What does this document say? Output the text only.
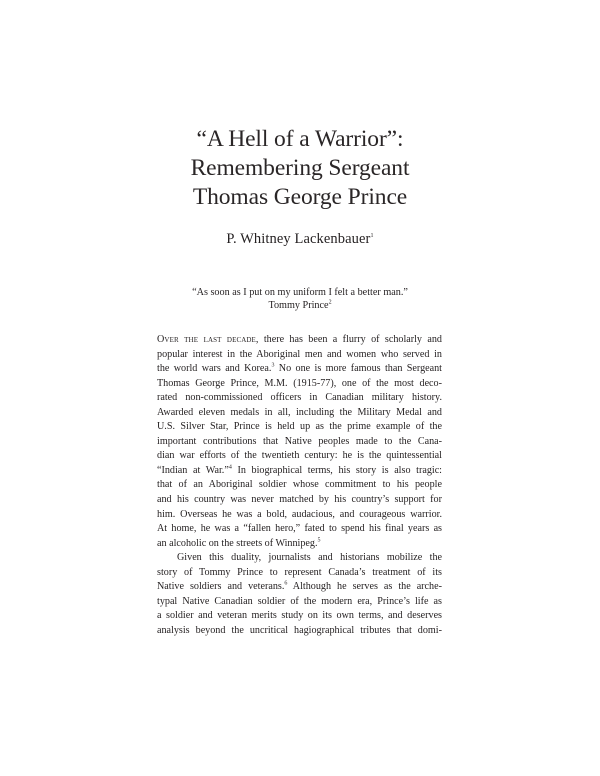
“A Hell of a Warrior”:
Remembering Sergeant
Thomas George Prince
P. Whitney Lackenbauer$^1$
“As soon as I put on my uniform I felt a better man.”
Tommy Prince$^2$
Over the last decade, there has been a flurry of scholarly and
popular interest in the Aboriginal men and women who served in
the world wars and Korea.$^3$ No one is more famous than Sergeant
Thomas George Prince, M.M. (1915-77), one of the most deco-
rated non-commissioned officers in Canadian military history.
Awarded eleven medals in all, including the Military Medal and
U.S. Silver Star, Prince is held up as the prime example of the
important contributions that Native peoples made to the Cana-
dian war efforts of the twentieth century: he is the quintessential
“Indian at War.”$^4$ In biographical terms, his story is also tragic:
that of an Aboriginal soldier whose commitment to his people
and his country was never matched by his country’s support for
him. Overseas he was a bold, audacious, and courageous warrior.
At home, he was a “fallen hero,” fated to spend his final years as
an alcoholic on the streets of Winnipeg.$^5$
Given this duality, journalists and historians mobilize the
story of Tommy Prince to represent Canada’s treatment of its
Native soldiers and veterans.$^6$ Although he serves as the arche-
typal Native Canadian soldier of the modern era, Prince’s life as
a soldier and veteran merits study on its own terms, and deserves
analysis beyond the uncritical hagiographical tributes that domi-
